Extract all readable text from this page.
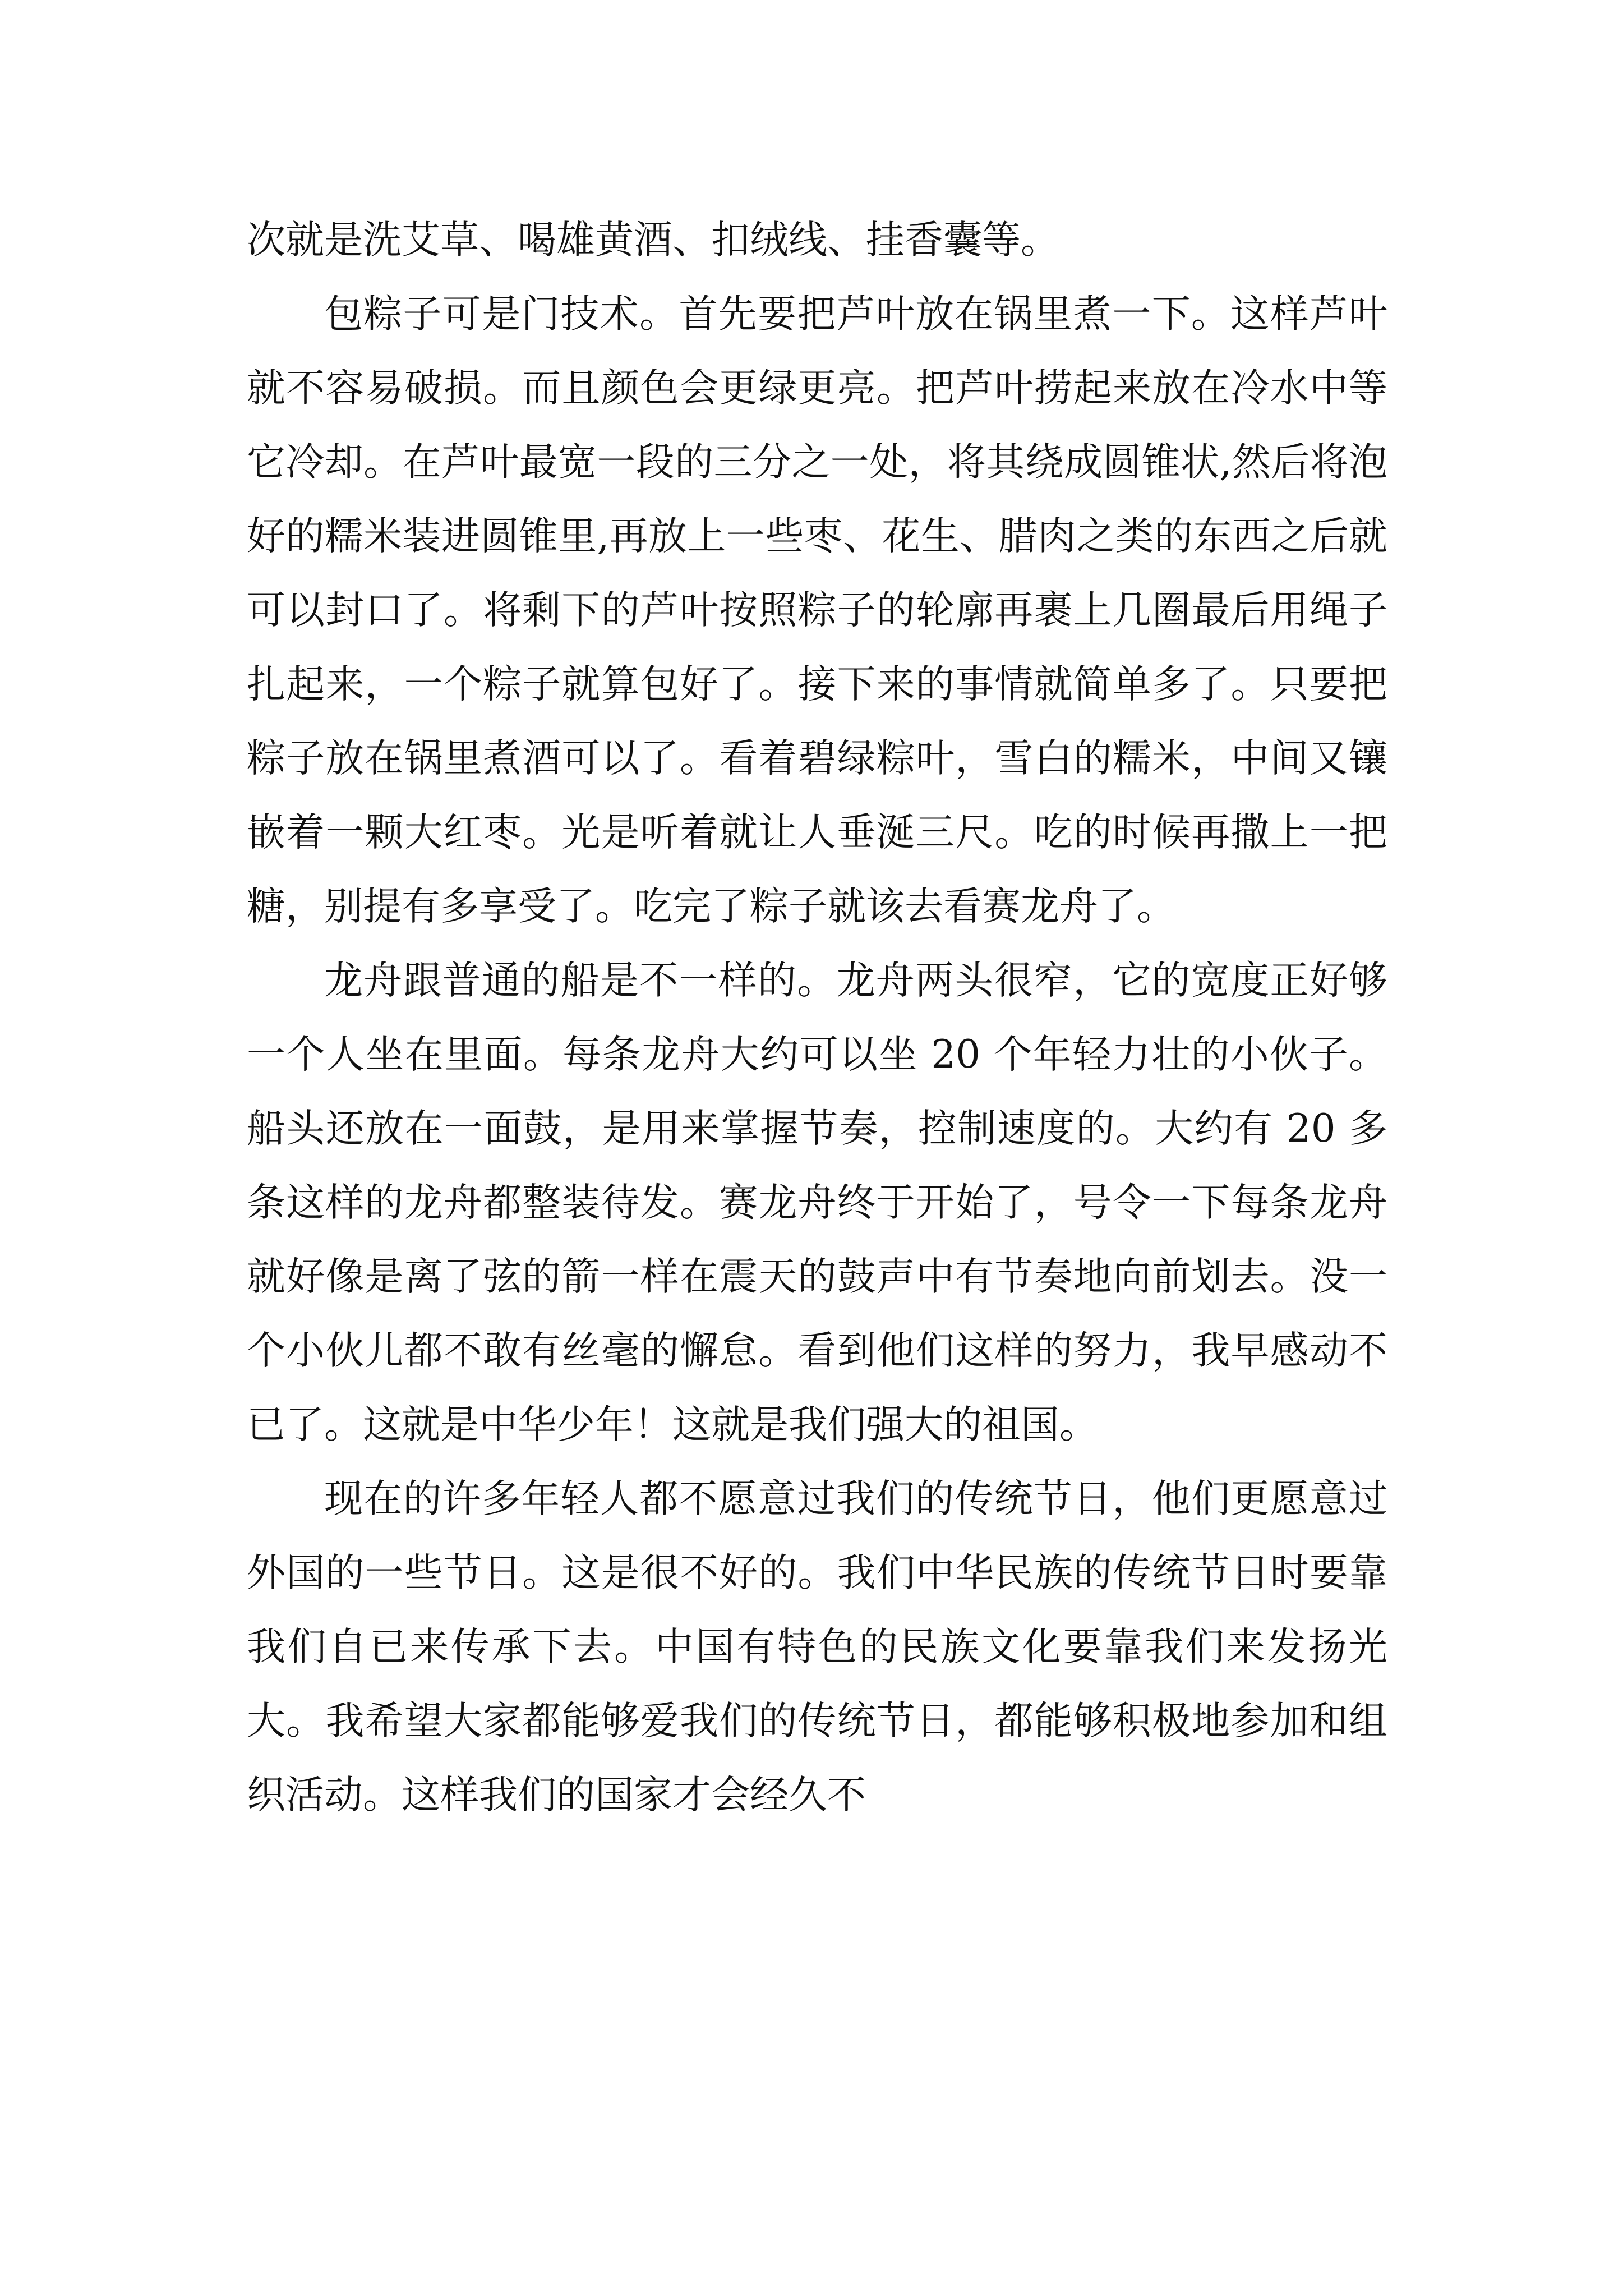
次就是洗艾草、喝雄黄酒、扣绒线、挂香囊等。

包粽子可是门技术。首先要把芦叶放在锅里煮一下。这样芦叶就不容易破损。而且颜色会更绿更亮。把芦叶捞起来放在冷水中等它冷却。在芦叶最宽一段的三分之一处，将其绕成圆锥状,然后将泡好的糯米装进圆锥里,再放上一些枣、花生、腊肉之类的东西之后就可以封口了。将剩下的芦叶按照粽子的轮廓再裹上几圈最后用绳子扎起来，一个粽子就算包好了。接下来的事情就简单多了。只要把粽子放在锅里煮酒可以了。看着碧绿粽叶，雪白的糯米，中间又镶嵌着一颗大红枣。光是听着就让人垂涎三尺。吃的时候再撒上一把糖，别提有多享受了。吃完了粽子就该去看赛龙舟了。

龙舟跟普通的船是不一样的。龙舟两头很窄，它的宽度正好够一个人坐在里面。每条龙舟大约可以坐 20 个年轻力壮的小伙子。船头还放在一面鼓，是用来掌握节奏，控制速度的。大约有 20 多条这样的龙舟都整装待发。赛龙舟终于开始了，号令一下每条龙舟就好像是离了弦的箭一样在震天的鼓声中有节奏地向前划去。没一个小伙儿都不敢有丝毫的懈怠。看到他们这样的努力，我早感动不已了。这就是中华少年！这就是我们强大的祖国。

现在的许多年轻人都不愿意过我们的传统节日，他们更愿意过外国的一些节日。这是很不好的。我们中华民族的传统节日时要靠我们自已来传承下去。中国有特色的民族文化要靠我们来发扬光大。我希望大家都能够爱我们的传统节日，都能够积极地参加和组织活动。这样我们的国家才会经久不
